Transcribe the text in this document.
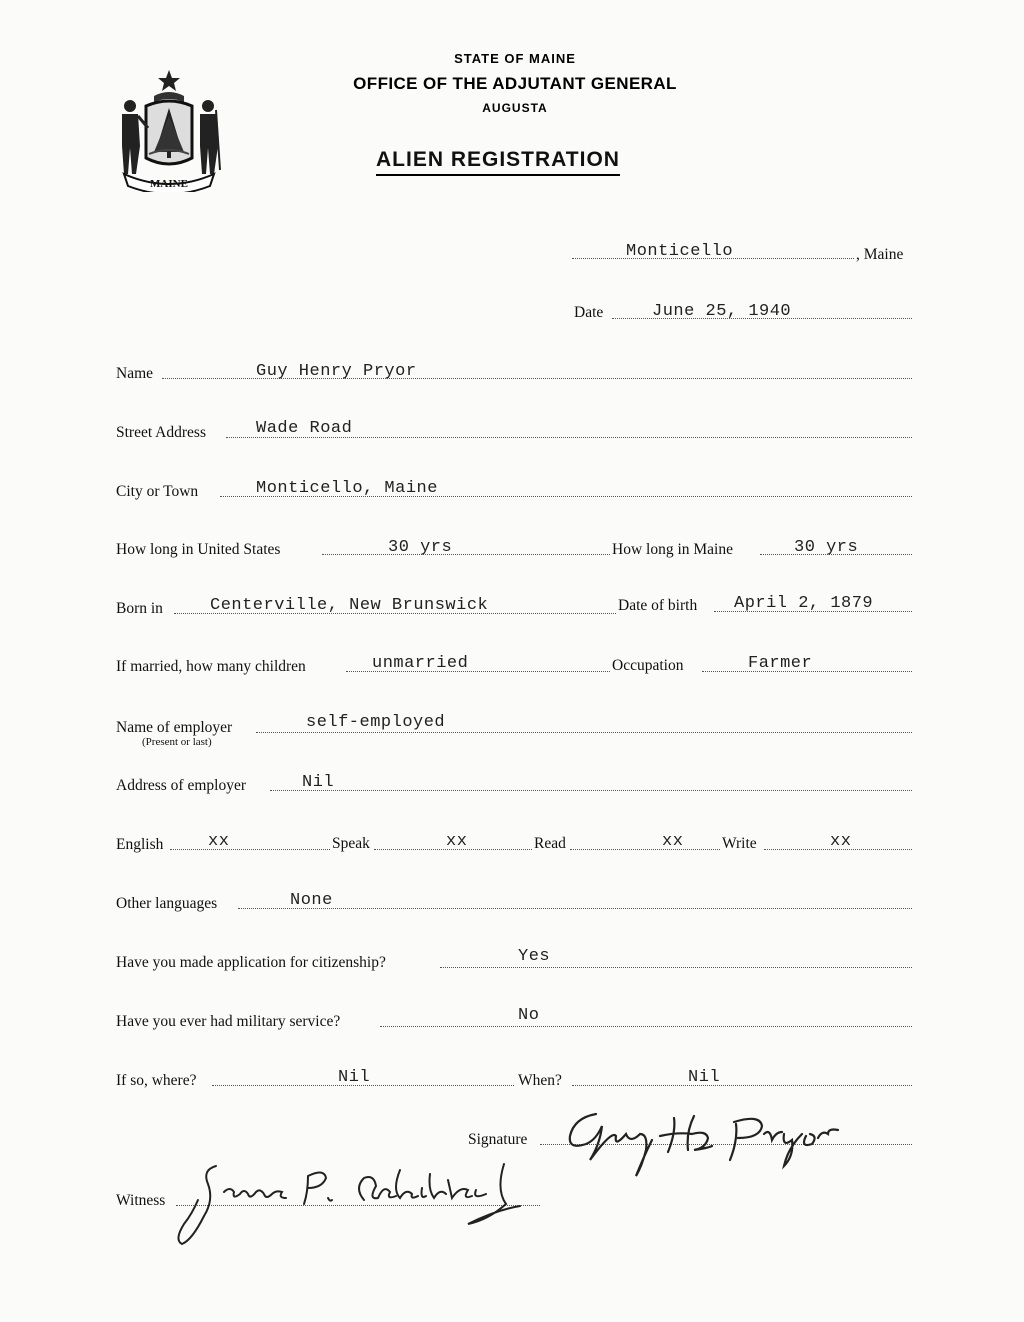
MAINE
STATE OF MAINE
OFFICE OF THE ADJUTANT GENERAL
AUGUSTA
ALIEN REGISTRATION
Monticello	, Maine
Date	June 25, 1940
Name	Guy Henry Pryor
Street Address	Wade Road
City or Town	Monticello, Maine
How long in United States	30 yrs	How long in Maine	30 yrs
Born in	Centerville, New Brunswick	Date of birth April 2, 1879
If married, how many children	unmarried	Occupation	Farmer
Name of employer
(Present or last)
self-employed
Address of employer	Nil
English	xx	Speak	xx	Read	xx Write	xx
Other languages	None
Have you made application for citizenship?	Yes
Have you ever had military service?	No
If so, where?	Nil	When?	Nil
Signature
Witness
